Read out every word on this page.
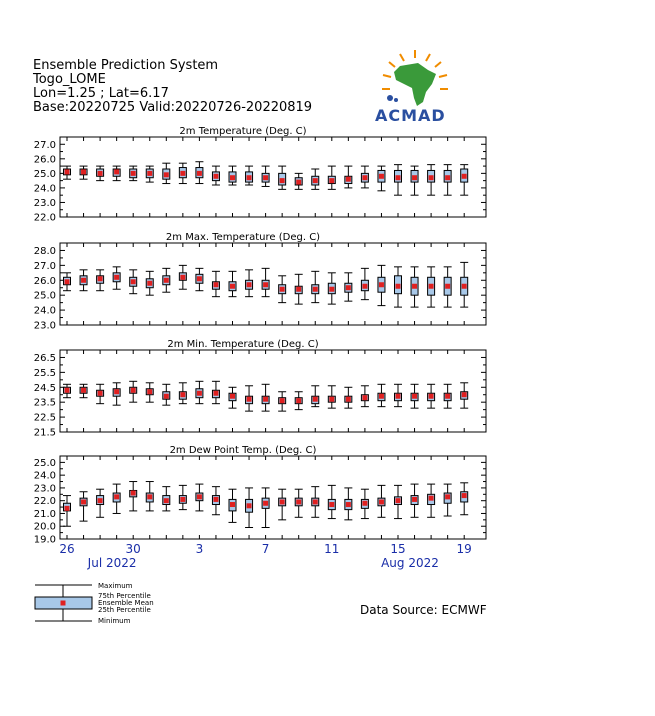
Ensemble Prediction System
Togo_LOME
Lon=1.25 ; Lat=6.17
Base:20220725 Valid:20220726-20220819	ACMAD
2m Temperature (Deg. C)
22.0
23.0
24.0
25.0
26.0
27.0
2m Max. Temperature (Deg. C)
23.0
24.0
25.0
26.0
27.0
28.0
2m Min. Temperature (Deg. C)
21.5
22.5
23.5
24.5
25.5
26.5
2m Dew Point Temp. (Deg. C)
19.0
20.0
21.0
22.0
23.0
24.0
25.0
26	30	3	7	11	15	19
Jul 2022	Aug 2022
Maximum
75th Percentile
Ensemble Mean
25th Percentile
Minimum
Data Source: ECMWF
